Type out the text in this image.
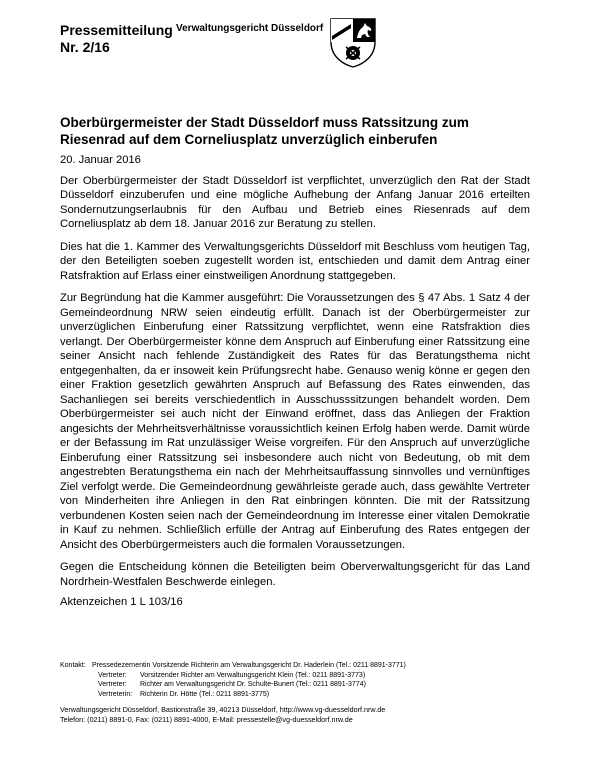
Pressemitteilung Verwaltungsgericht Düsseldorf
Nr. 2/16
Oberbürgermeister der Stadt Düsseldorf muss Ratssitzung zum Riesenrad auf dem Corneliusplatz unverzüglich einberufen

20. Januar 2016

Der Oberbürgermeister der Stadt Düsseldorf ist verpflichtet, unverzüglich den Rat der Stadt Düsseldorf einzuberufen und eine mögliche Aufhebung der Anfang Januar 2016 erteilten Sondernutzungserlaubnis für den Aufbau und Betrieb eines Riesenrads auf dem Corneliusplatz ab dem 18. Januar 2016 zur Beratung zu stellen.

Dies hat die 1. Kammer des Verwaltungsgerichts Düsseldorf mit Beschluss vom heutigen Tag, der den Beteiligten soeben zugestellt worden ist, entschieden und damit dem Antrag einer Ratsfraktion auf Erlass einer einstweiligen Anordnung stattgegeben.

Zur Begründung hat die Kammer ausgeführt: Die Voraussetzungen des § 47 Abs. 1 Satz 4 der Gemeindeordnung NRW seien eindeutig erfüllt. Danach ist der Oberbürgermeister zur unverzüglichen Einberufung einer Ratssitzung verpflichtet, wenn eine Ratsfraktion dies verlangt. Der Oberbürgermeister könne dem Anspruch auf Einberufung einer Ratssitzung eine seiner Ansicht nach fehlende Zuständigkeit des Rates für das Beratungsthema nicht entgegenhalten, da er insoweit kein Prüfungsrecht habe. Genauso wenig könne er gegen den einer Fraktion gesetzlich gewährten Anspruch auf Befassung des Rates einwenden, das Sachanliegen sei bereits verschiedentlich in Ausschusssitzungen behandelt worden. Dem Oberbürgermeister sei auch nicht der Einwand eröffnet, dass das Anliegen der Fraktion angesichts der Mehrheitsverhältnisse voraussichtlich keinen Erfolg haben werde. Damit würde er der Befassung im Rat unzulässiger Weise vorgreifen. Für den Anspruch auf unverzügliche Einberufung einer Ratssitzung sei insbesondere auch nicht von Bedeutung, ob mit dem angestrebten Beratungsthema ein nach der Mehrheitsauffassung sinnvolles und vernünftiges Ziel verfolgt werde. Die Gemeindeordnung gewährleiste gerade auch, dass gewählte Vertreter von Minderheiten ihre Anliegen in den Rat einbringen könnten. Die mit der Ratssitzung verbundenen Kosten seien nach der Gemeindeordnung im Interesse einer vitalen Demokratie in Kauf zu nehmen. Schließlich erfülle der Antrag auf Einberufung des Rates entgegen der Ansicht des Oberbürgermeisters auch die formalen Voraussetzungen.

Gegen die Entscheidung können die Beteiligten beim Oberverwaltungsgericht für das Land Nordrhein-Westfalen Beschwerde einlegen.

Aktenzeichen 1 L 103/16

Kontakt: Pressedezernentin Vorsitzende Richterin am Verwaltungsgericht Dr. Haderlein (Tel.: 0211 8891-3771)
Vertreter: Vorsitzender Richter am Verwaltungsgericht Klein (Tel.: 0211 8891-3773)
Vertreter: Richter am Verwaltungsgericht Dr. Schulte-Bunert (Tel.: 0211 8891-3774)
Vertreterin: Richterin Dr. Hötte (Tel.: 0211 8891-3775)
Verwaltungsgericht Düsseldorf, Bastionstraße 39, 40213 Düsseldorf, http://www.vg-duesseldorf.nrw.de
Telefon: (0211) 8891-0, Fax: (0211) 8891-4000, E-Mail: pressestelle@vg-duesseldorf.nrw.de
